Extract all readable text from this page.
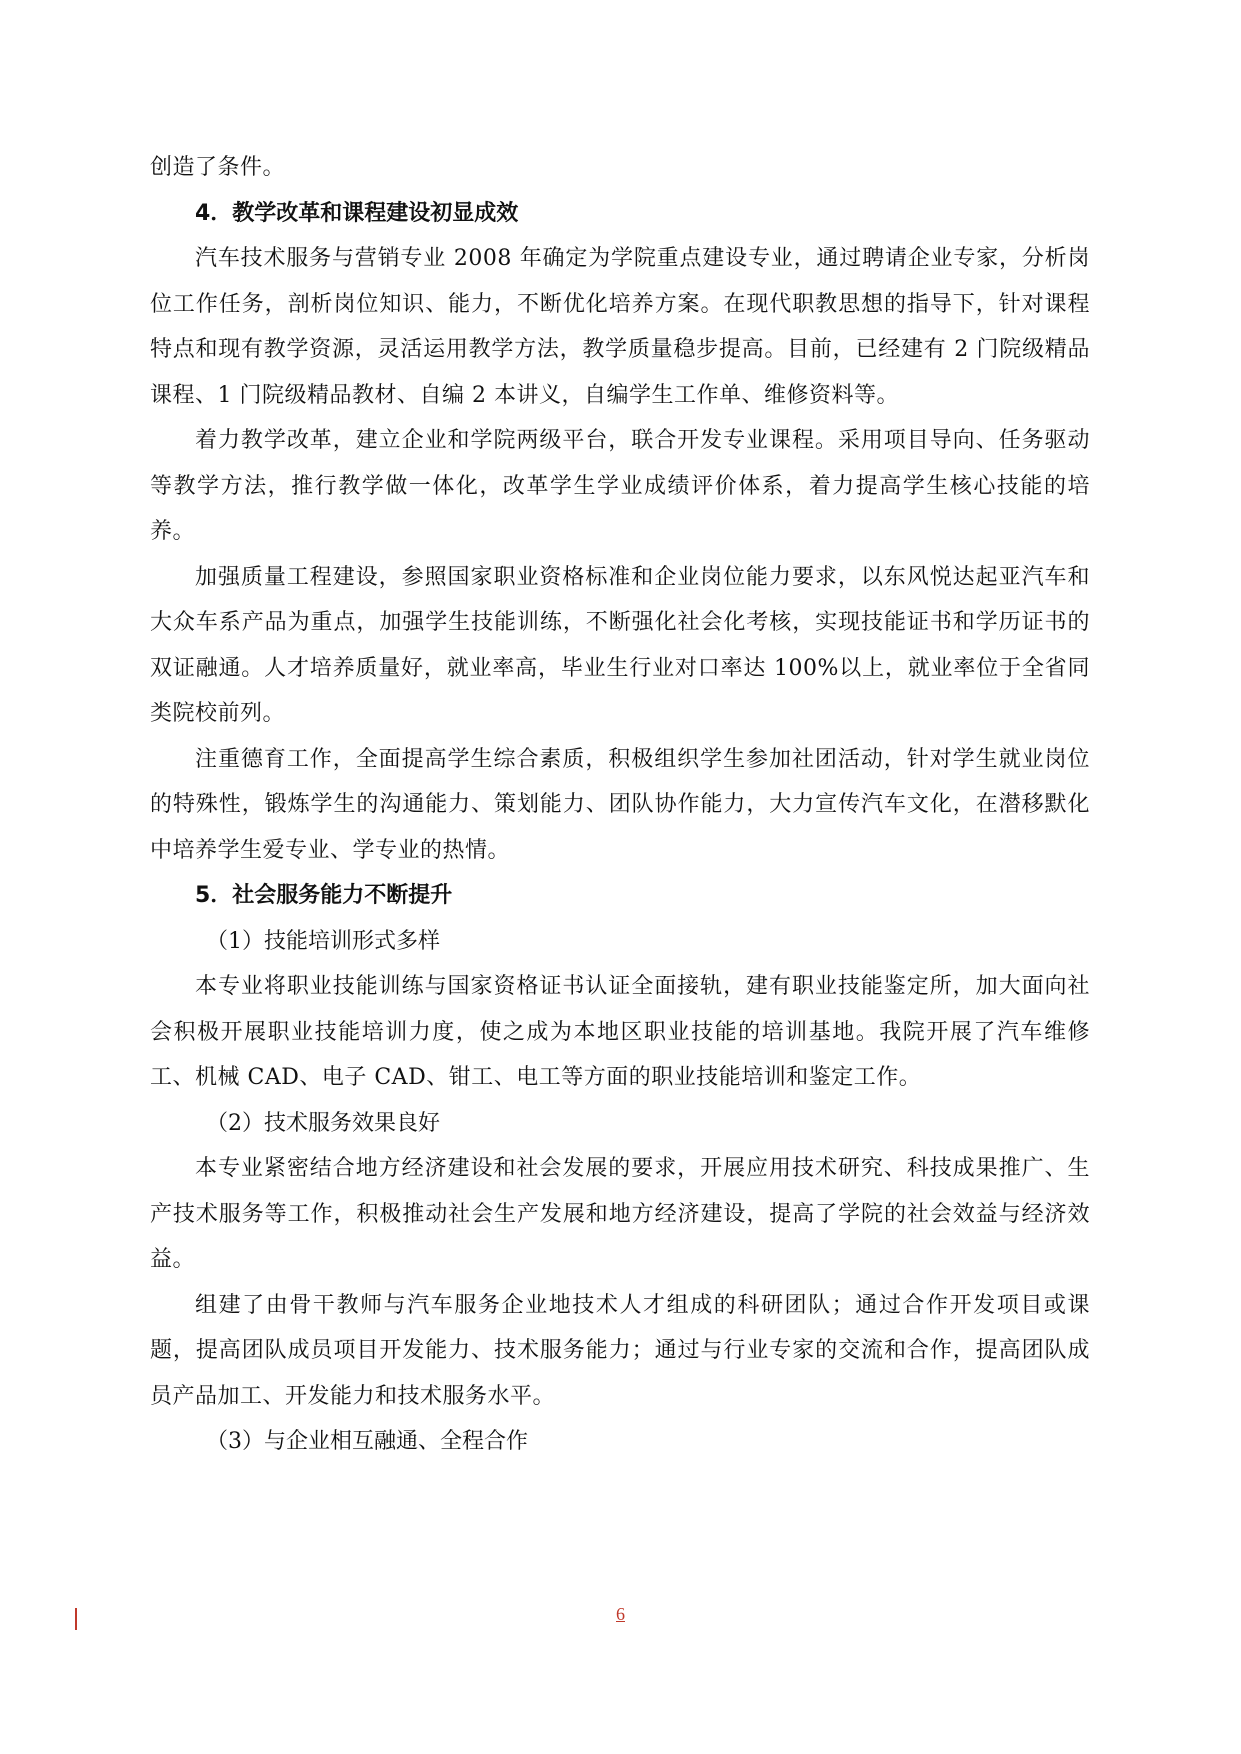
创造了条件。

4．教学改革和课程建设初显成效

汽车技术服务与营销专业 2008 年确定为学院重点建设专业，通过聘请企业专家，分析岗位工作任务，剖析岗位知识、能力，不断优化培养方案。在现代职教思想的指导下，针对课程特点和现有教学资源，灵活运用教学方法，教学质量稳步提高。目前，已经建有 2 门院级精品课程、1 门院级精品教材、自编 2 本讲义，自编学生工作单、维修资料等。

着力教学改革，建立企业和学院两级平台，联合开发专业课程。采用项目导向、任务驱动等教学方法，推行教学做一体化，改革学生学业成绩评价体系，着力提高学生核心技能的培养。

加强质量工程建设，参照国家职业资格标准和企业岗位能力要求，以东风悦达起亚汽车和大众车系产品为重点，加强学生技能训练，不断强化社会化考核，实现技能证书和学历证书的双证融通。人才培养质量好，就业率高，毕业生行业对口率达 100%以上，就业率位于全省同类院校前列。

注重德育工作，全面提高学生综合素质，积极组织学生参加社团活动，针对学生就业岗位的特殊性，锻炼学生的沟通能力、策划能力、团队协作能力，大力宣传汽车文化，在潜移默化中培养学生爱专业、学专业的热情。

5．社会服务能力不断提升

（1）技能培训形式多样

本专业将职业技能训练与国家资格证书认证全面接轨，建有职业技能鉴定所，加大面向社会积极开展职业技能培训力度，使之成为本地区职业技能的培训基地。我院开展了汽车维修工、机械 CAD、电子 CAD、钳工、电工等方面的职业技能培训和鉴定工作。

（2）技术服务效果良好

本专业紧密结合地方经济建设和社会发展的要求，开展应用技术研究、科技成果推广、生产技术服务等工作，积极推动社会生产发展和地方经济建设，提高了学院的社会效益与经济效益。

组建了由骨干教师与汽车服务企业地技术人才组成的科研团队；通过合作开发项目或课题，提高团队成员项目开发能力、技术服务能力；通过与行业专家的交流和合作，提高团队成员产品加工、开发能力和技术服务水平。

（3）与企业相互融通、全程合作

6
